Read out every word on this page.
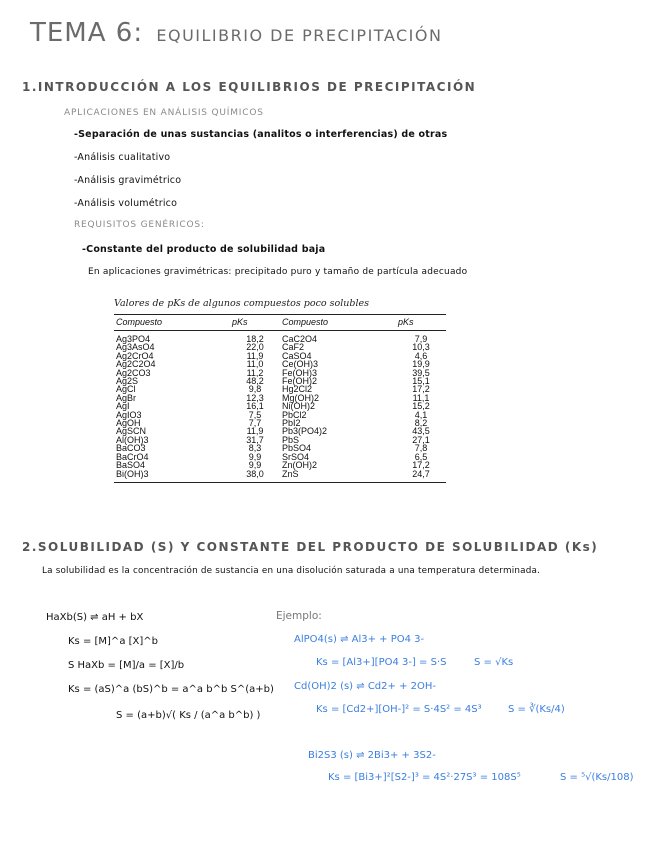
TEMA 6: EQUILIBRIO DE PRECIPITACIÓN
1.INTRODUCCIÓN A LOS EQUILIBRIOS DE PRECIPITACIÓN
APLICACIONES EN ANÁLISIS QUÍMICOS
-Separación de unas sustancias (analitos o interferencias) de otras
-Análisis cualitativo
-Análisis gravimétrico
-Análisis volumétrico
REQUISITOS GENÉRICOS:
-Constante del producto de solubilidad baja
En aplicaciones gravimétricas: precipitado puro y tamaño de partícula adecuado
Valores de pKs de algunos compuestos poco solubles
Compuesto	pKs	Compuesto	pKs
Ag3PO4	18,2	CaC2O4	7,9
Ag3AsO4	22,0	CaF2	10,3
Ag2CrO4	11,9	CaSO4	4,6
Ag2C2O4	11,0	Ce(OH)3	19,9
Ag2CO3	11,2	Fe(OH)3	39,5
Ag2S	48,2	Fe(OH)2	15,1
AgCl	9,8	Hg2Cl2	17,2
AgBr	12,3	Mg(OH)2	11,1
AgI	16,1	Ni(OH)2	15,2
AgIO3	7,5	PbCl2	4,1
AgOH	7,7	PbI2	8,2
AgSCN	11,9	Pb3(PO4)2	43,5
Al(OH)3	31,7	PbS	27,1
BaCO3	8,3	PbSO4	7,8
BaCrO4	9,9	SrSO4	6,5
BaSO4	9,9	Zn(OH)2	17,2
Bi(OH)3	38,0	ZnS	24,7
2.SOLUBILIDAD (S) Y CONSTANTE DEL PRODUCTO DE SOLUBILIDAD (Ks)
La solubilidad es la concentración de sustancia en una disolución saturada a una temperatura determinada.
HaXb(S) ⇌ aH + bX
Ks = [M]^a [X]^b
S HaXb = [M]/a = [X]/b
Ks = (aS)^a (bS)^b = a^a b^b S^(a+b)
S = (a+b)√( Ks / (a^a b^b) )
Ejemplo:
AlPO4(s) ⇌ Al3+ + PO4 3-
Ks = [Al3+][PO4 3-] = S·S	S = √Ks
Cd(OH)2 (s) ⇌ Cd2+ + 2OH-
Ks = [Cd2+][OH-]² = S·4S² = 4S³	S = ∛(Ks/4)
Bi2S3 (s) ⇌ 2Bi3+ + 3S2-
Ks = [Bi3+]²[S2-]³ = 4S²·27S³ = 108S⁵	S = ⁵√(Ks/108)
